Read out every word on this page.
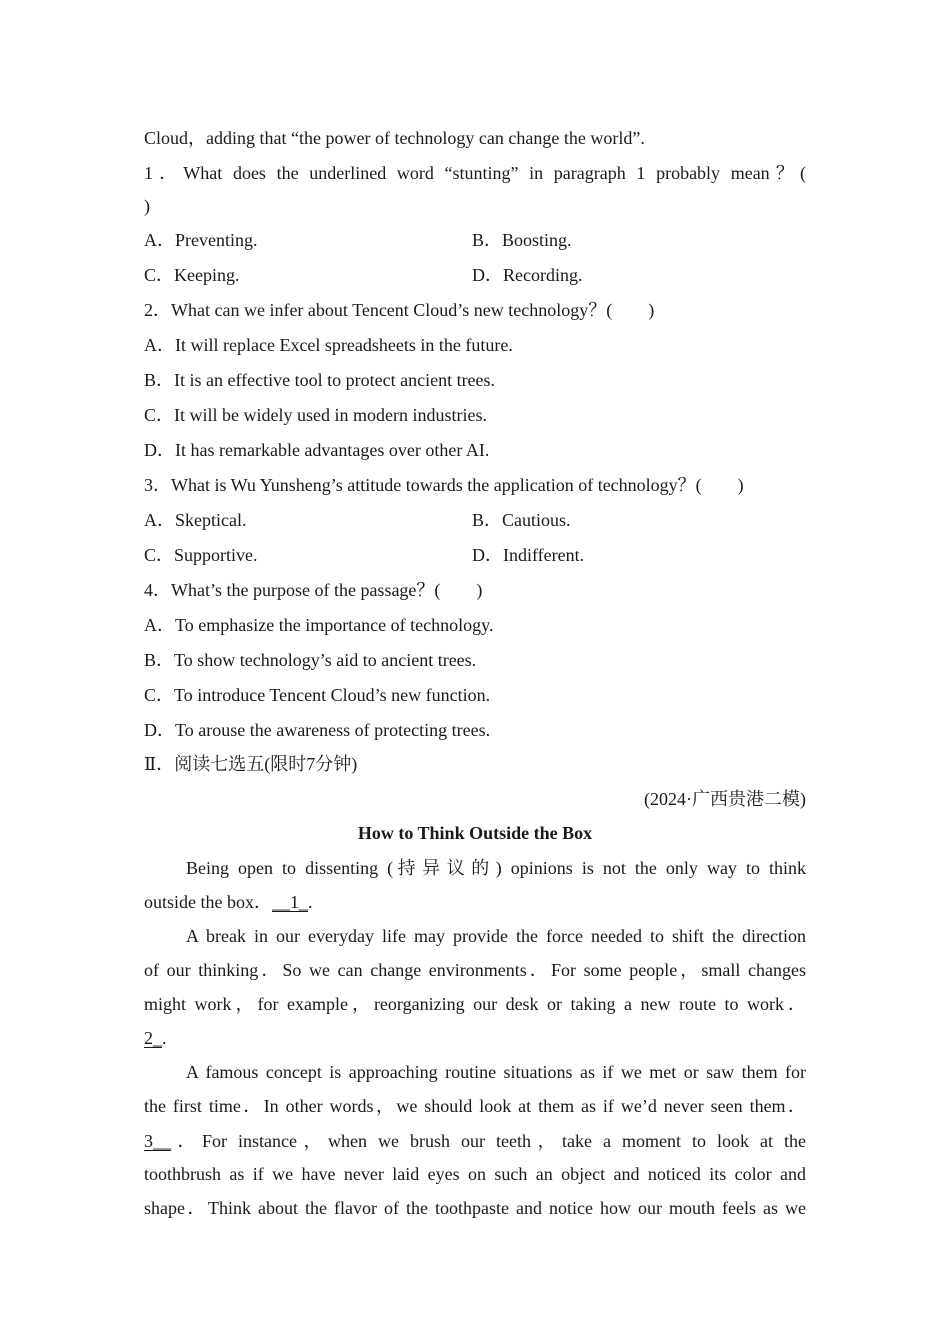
Cloud，adding that “the power of technology can change the world”.
1．What does the underlined word “stunting” in paragraph 1 probably mean？(
)
A．Preventing.	B．Boosting.
C．Keeping.	D．Recording.
2．What can we infer about Tencent Cloud’s new technology？(　　)
A．It will replace Excel spreadsheets in the future.
B．It is an effective tool to protect ancient trees.
C．It will be widely used in modern industries.
D．It has remarkable advantages over other AI.
3．What is Wu Yunsheng’s attitude towards the application of technology？(　　)
A．Skeptical.	B．Cautious.
C．Supportive.	D．Indifferent.
4．What’s the purpose of the passage？(　　)
A．To emphasize the importance of technology.
B．To show technology’s aid to ancient trees.
C．To introduce Tencent Cloud’s new function.
D．To arouse the awareness of protecting trees.
Ⅱ．阅读七选五(限时7分钟)
(2024·广西贵港二模)
How to Think Outside the Box
Being open to dissenting (持异议的) opinions is not the only way to think
outside the box．__1_.
A break in our everyday life may provide the force needed to shift the direction
of our thinking．So we can change environments．For some people，small changes
might work，for example，reorganizing our desk or taking a new route to work．
2_.
A famous concept is approaching routine situations as if we met or saw them for
the first time．In other words，we should look at them as if we’d never seen them．
3__．For instance，when we brush our teeth，take a moment to look at the
toothbrush as if we have never laid eyes on such an object and noticed its color and
shape．Think about the flavor of the toothpaste and notice how our mouth feels as we
